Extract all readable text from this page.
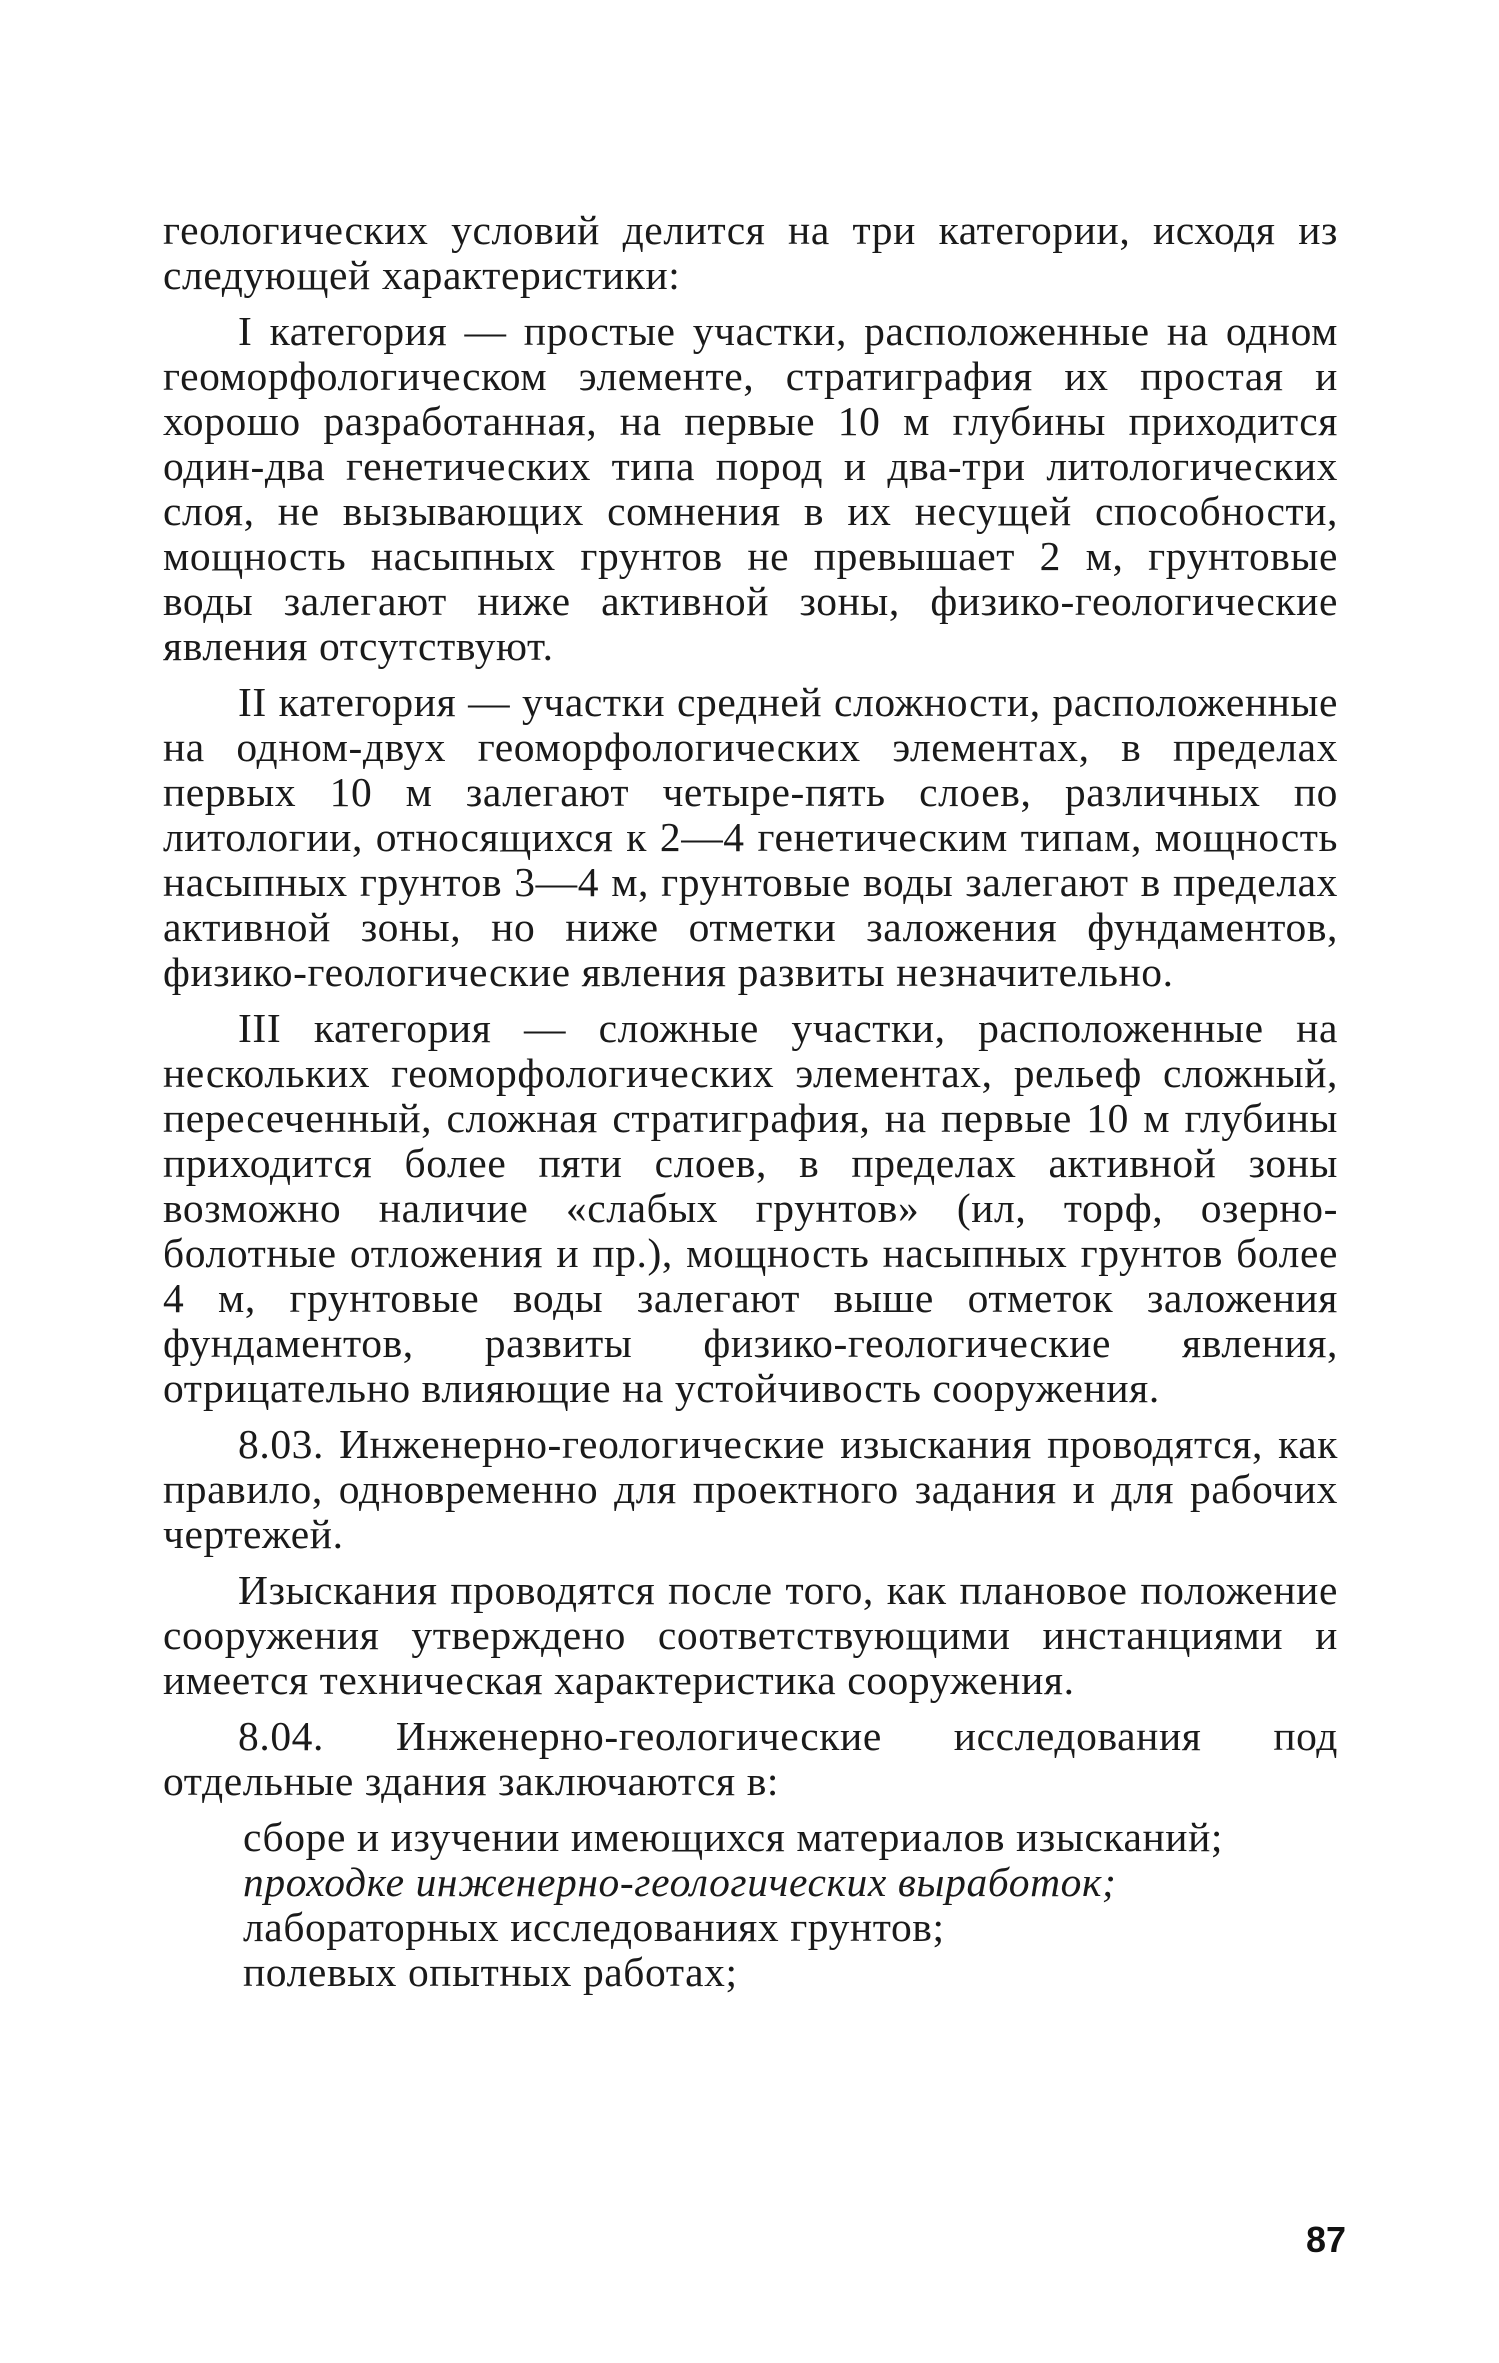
геологических условий делится на три категории, исходя из следующей характеристики:

I категория — простые участки, расположенные на одном геоморфологическом элементе, стратиграфия их простая и хорошо разработанная, на первые 10 м глубины приходится один-два генетических типа пород и два-три литологических слоя, не вызывающих сомнения в их несущей способности, мощность насыпных грунтов не превышает 2 м, грунтовые воды залегают ниже активной зоны, физико-геологические явления отсутствуют.

II категория — участки средней сложности, расположенные на одном-двух геоморфологических элементах, в пределах первых 10 м залегают четыре-пять слоев, различных по литологии, относящихся к 2—4 генетическим типам, мощность насыпных грунтов 3—4 м, грунтовые воды залегают в пределах активной зоны, но ниже отметки заложения фундаментов, физико-геологические явления развиты незначительно.

III категория — сложные участки, расположенные на нескольких геоморфологических элементах, рельеф сложный, пересеченный, сложная стратиграфия, на первые 10 м глубины приходится более пяти слоев, в пределах активной зоны возможно наличие «слабых грунтов» (ил, торф, озерно-болотные отложения и пр.), мощность насыпных грунтов более 4 м, грунтовые воды залегают выше отметок заложения фундаментов, развиты физико-геологические явления, отрицательно влияющие на устойчивость сооружения.

8.03. Инженерно-геологические изыскания проводятся, как правило, одновременно для проектного задания и для рабочих чертежей.

Изыскания проводятся после того, как плановое положение сооружения утверждено соответствующими инстанциями и имеется техническая характеристика сооружения.

8.04. Инженерно-геологические исследования под отдельные здания заключаются в:

сборе и изучении имеющихся материалов изысканий;
проходке инженерно-геологических выработок;
лабораторных исследованиях грунтов;
полевых опытных работах;
87
